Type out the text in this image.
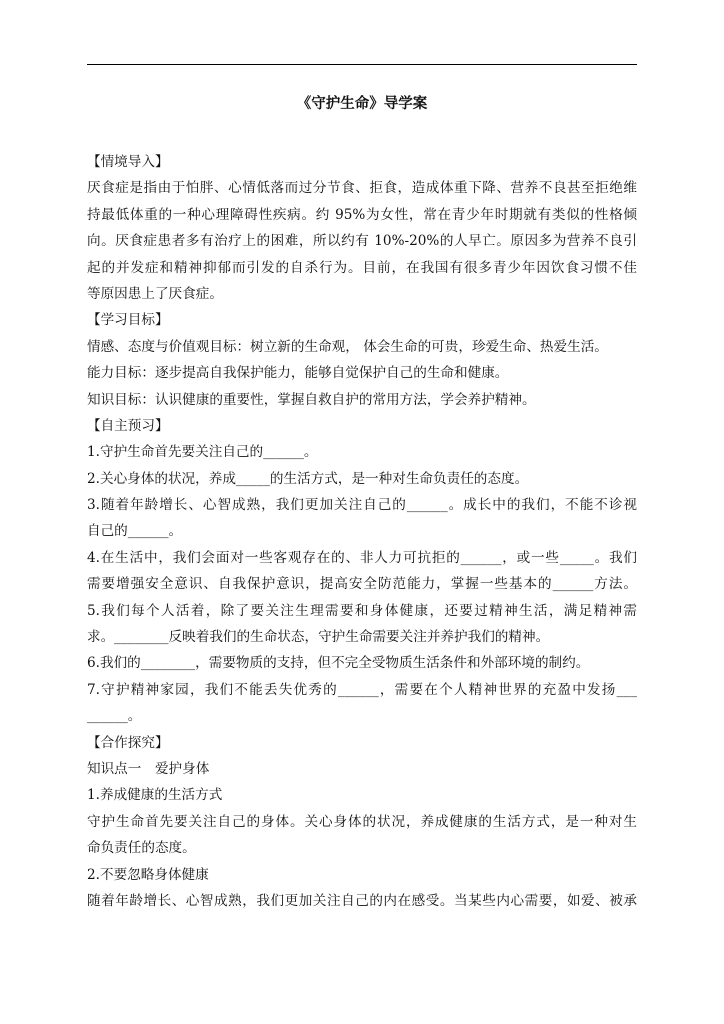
《守护生命》导学案
【情境导入】
厌食症是指由于怕胖、心情低落而过分节食、拒食，造成体重下降、营养不良甚至拒绝维
持最低体重的一种心理障碍性疾病。约 95%为女性，常在青少年时期就有类似的性格倾
向。厌食症患者多有治疗上的困难，所以约有 10%-20%的人早亡。原因多为营养不良引
起的并发症和精神抑郁而引发的自杀行为。目前，在我国有很多青少年因饮食习惯不佳
等原因患上了厌食症。
【学习目标】
情感、态度与价值观目标：树立新的生命观， 体会生命的可贵，珍爱生命、热爱生活。
能力目标：逐步提高自我保护能力，能够自觉保护自己的生命和健康。
知识目标：认识健康的重要性，掌握自救自护的常用方法，学会养护精神。
【自主预习】
1.守护生命首先要关注自己的______。
2.关心身体的状况，养成_____的生活方式，是一种对生命负责任的态度。
3.随着年龄增长、心智成熟，我们更加关注自己的______。成长中的我们，不能不诊视
自己的______。
4.在生活中，我们会面对一些客观存在的、非人力可抗拒的______，或一些_____。我们
需要增强安全意识、自我保护意识，提高安全防范能力，掌握一些基本的______方法。
5.我们每个人活着，除了要关注生理需要和身体健康，还要过精神生活，满足精神需
求。________反映着我们的生命状态，守护生命需要关注并养护我们的精神。
6.我们的________，需要物质的支持，但不完全受物质生活条件和外部环境的制约。
7.守护精神家园，我们不能丢失优秀的______，需要在个人精神世界的充盈中发扬___
______。
【合作探究】
知识点一　爱护身体
1.养成健康的生活方式
守护生命首先要关注自己的身体。关心身体的状况，养成健康的生活方式，是一种对生
命负责任的态度。
2.不要忽略身体健康
随着年龄增长、心智成熟，我们更加关注自己的内在感受。当某些内心需要，如爱、被承
